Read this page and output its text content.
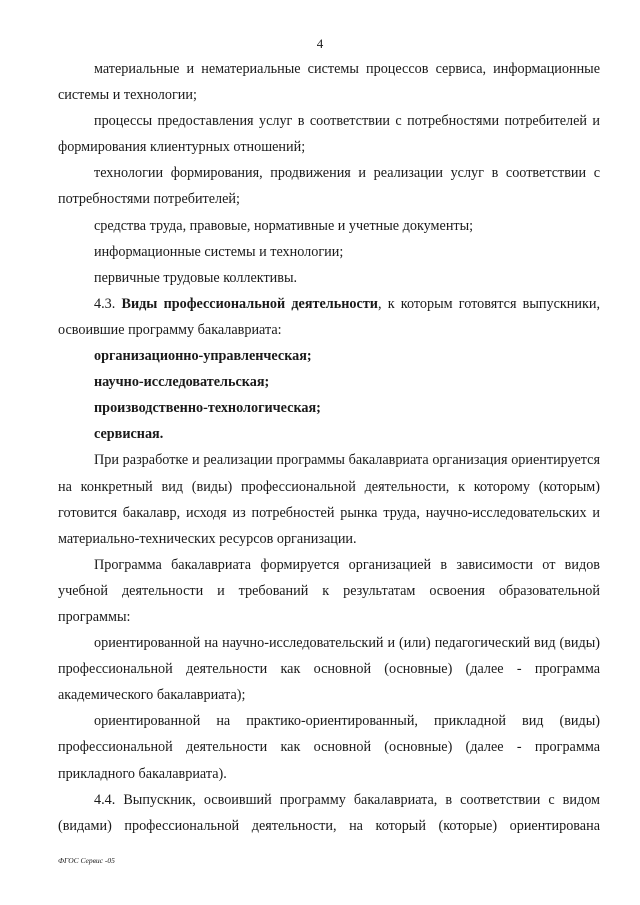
4

материальные и нематериальные системы процессов сервиса, информационные системы и технологии;

процессы предоставления услуг в соответствии с потребностями потребителей и формирования клиентурных отношений;

технологии формирования, продвижения и реализации услуг в соответствии с потребностями потребителей;

средства труда, правовые, нормативные и учетные документы;

информационные системы и технологии;

первичные трудовые коллективы.

4.3. Виды профессиональной деятельности, к которым готовятся выпускники, освоившие программу бакалавриата:

организационно-управленческая;

научно-исследовательская;

производственно-технологическая;

сервисная.

При разработке и реализации программы бакалавриата организация ориентируется на конкретный вид (виды) профессиональной деятельности, к которому (которым) готовится бакалавр, исходя из потребностей рынка труда, научно-исследовательских и материально-технических ресурсов организации.

Программа бакалавриата формируется организацией в зависимости от видов учебной деятельности и требований к результатам освоения образовательной программы:

ориентированной на научно-исследовательский и (или) педагогический вид (виды) профессиональной деятельности как основной (основные) (далее - программа академического бакалавриата);

ориентированной на практико-ориентированный, прикладной вид (виды) профессиональной деятельности как основной (основные) (далее - программа прикладного бакалавриата).

4.4. Выпускник, освоивший программу бакалавриата, в соответствии с видом (видами) профессиональной деятельности, на который (которые) ориентирована

ФГОС Сервис -05
